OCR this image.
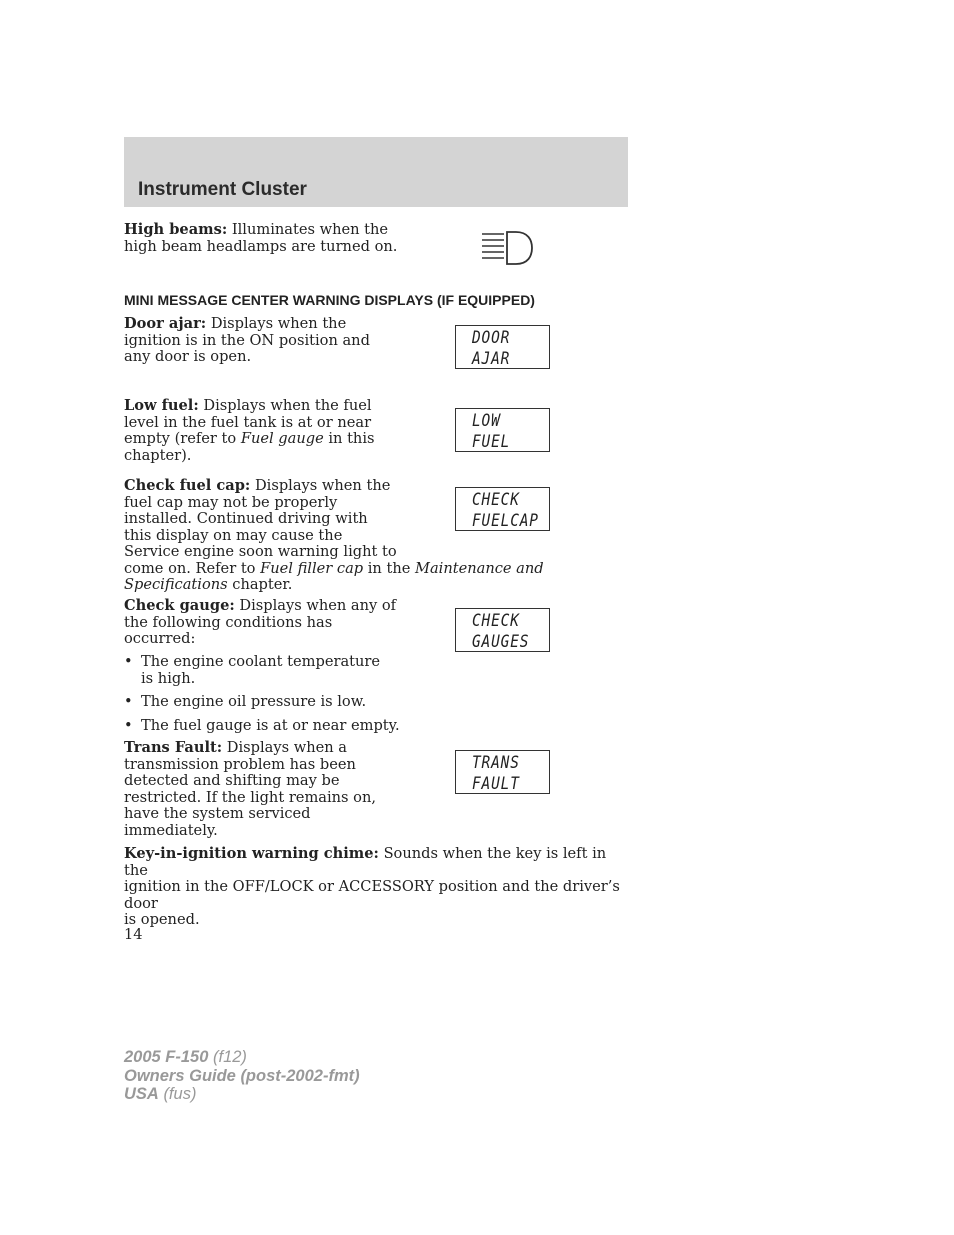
Instrument Cluster
High beams: Illuminates when the
high beam headlamps are turned on.
MINI MESSAGE CENTER WARNING DISPLAYS (IF EQUIPPED)
Door ajar: Displays when the
ignition is in the ON position and
any door is open.
DOOR
AJAR
Low fuel: Displays when the fuel
level in the fuel tank is at or near
empty (refer to Fuel gauge in this
chapter).
LOW
FUEL
Check fuel cap: Displays when the
fuel cap may not be properly
installed. Continued driving with
this display on may cause the
Service engine soon warning light to
come on. Refer to Fuel filler cap in the Maintenance and
Specifications chapter.
CHECK
FUELCAP
Check gauge: Displays when any of
the following conditions has
occurred:
CHECK
GAUGES
• The engine coolant temperature
is high.
• The engine oil pressure is low.
• The fuel gauge is at or near empty.
Trans Fault: Displays when a
transmission problem has been
detected and shifting may be
restricted. If the light remains on,
have the system serviced
immediately.
TRANS
FAULT
Key-in-ignition warning chime: Sounds when the key is left in the
ignition in the OFF/LOCK or ACCESSORY position and the driver’s door
is opened.
14
2005 F-150 (f12)
Owners Guide (post-2002-fmt)
USA (fus)
